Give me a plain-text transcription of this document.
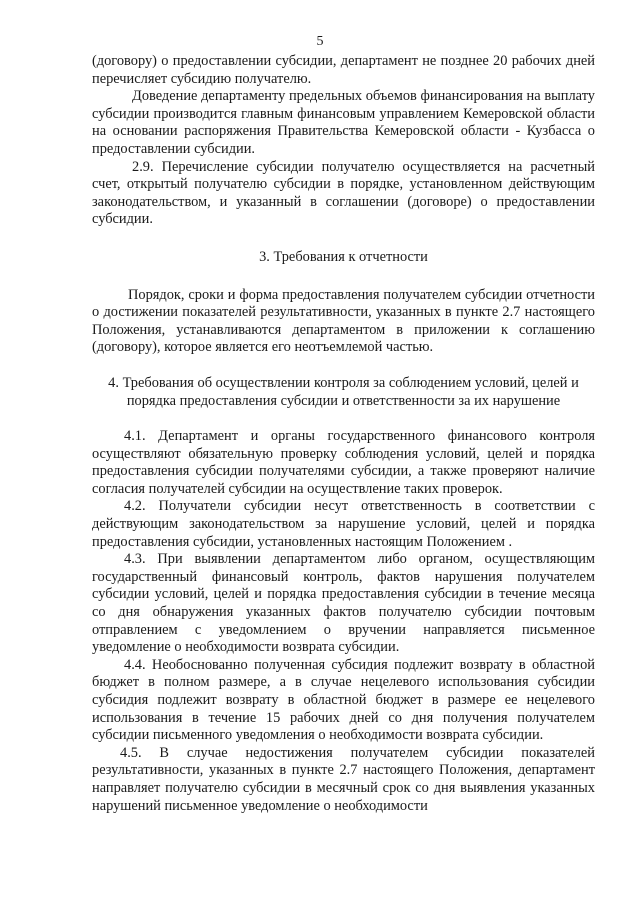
5

(договору) о предоставлении субсидии, департамент не позднее 20 рабочих дней перечисляет субсидию получателю.

Доведение департаменту предельных объемов финансирования на выплату субсидии производится главным финансовым управлением Кемеровской области на основании распоряжения Правительства Кемеровской области - Кузбасса о предоставлении субсидии.

2.9. Перечисление субсидии получателю осуществляется на расчетный счет, открытый получателю субсидии в порядке, установленном действующим законодательством, и указанный в соглашении (договоре) о предоставлении субсидии.

3. Требования к отчетности

Порядок, сроки и форма предоставления получателем субсидии отчетности о достижении показателей результативности, указанных в пункте 2.7 настоящего Положения, устанавливаются департаментом в приложении к соглашению (договору), которое является его неотъемлемой частью.

4. Требования об осуществлении контроля за соблюдением условий, целей и

порядка предоставления субсидии и ответственности за их нарушение

4.1. Департамент и органы государственного финансового контроля осуществляют обязательную проверку соблюдения условий, целей и порядка предоставления субсидии получателями субсидии, а также проверяют наличие согласия получателей субсидии на осуществление таких проверок.

4.2. Получатели субсидии несут ответственность в соответствии с действующим законодательством за нарушение условий, целей и порядка предоставления субсидии, установленных настоящим Положением .

4.3. При выявлении департаментом либо органом, осуществляющим государственный финансовый контроль, фактов нарушения получателем субсидии условий, целей и порядка предоставления субсидии в течение месяца со дня обнаружения указанных фактов получателю субсидии почтовым отправлением с уведомлением о вручении направляется письменное уведомление о необходимости возврата субсидии.

4.4. Необоснованно полученная субсидия подлежит возврату в областной бюджет в полном размере, а в случае нецелевого использования субсидии субсидия подлежит возврату в областной бюджет в размере ее нецелевого использования в течение 15 рабочих дней со дня получения получателем субсидии письменного уведомления о необходимости возврата субсидии.

4.5. В случае недостижения получателем субсидии показателей результативности, указанных в пункте 2.7 настоящего Положения, департамент направляет получателю субсидии в месячный срок со дня выявления указанных нарушений письменное уведомление о необходимости
